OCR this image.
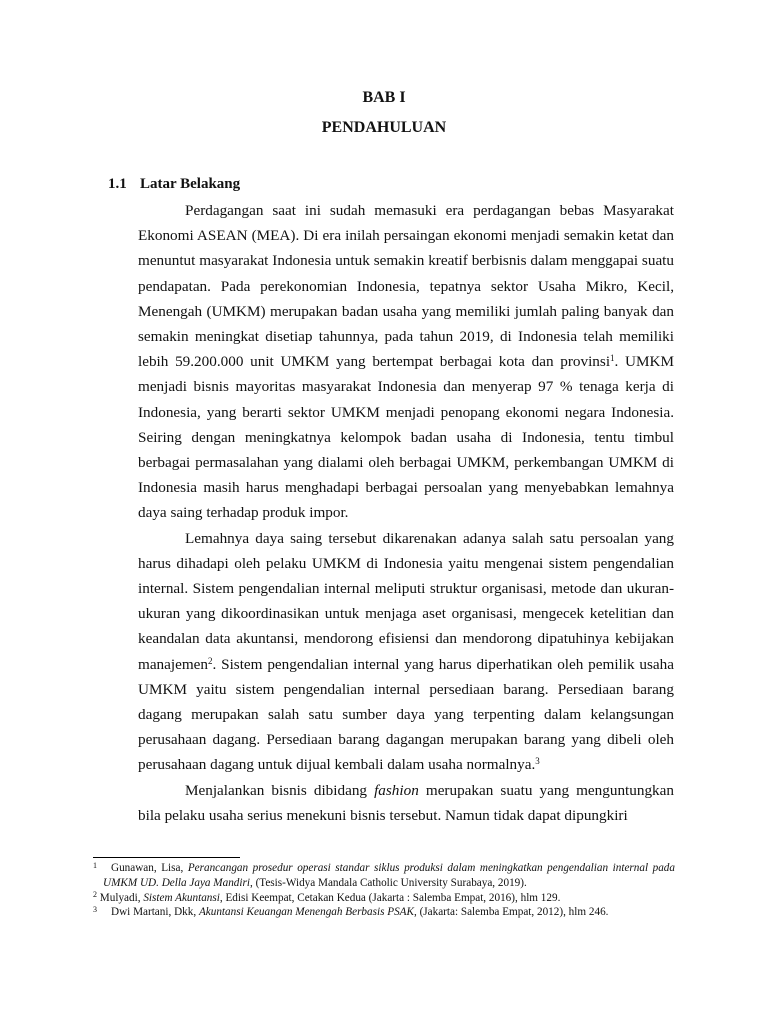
BAB I
PENDAHULUAN
1.1 Latar Belakang

Perdagangan saat ini sudah memasuki era perdagangan bebas Masyarakat Ekonomi ASEAN (MEA). Di era inilah persaingan ekonomi menjadi semakin ketat dan menuntut masyarakat Indonesia untuk semakin kreatif berbisnis dalam menggapai suatu pendapatan. Pada perekonomian Indonesia, tepatnya sektor Usaha Mikro, Kecil, Menengah (UMKM) merupakan badan usaha yang memiliki jumlah paling banyak dan semakin meningkat disetiap tahunnya, pada tahun 2019, di Indonesia telah memiliki lebih 59.200.000 unit UMKM yang bertempat berbagai kota dan provinsi$^1$. UMKM menjadi bisnis mayoritas masyarakat Indonesia dan menyerap 97 % tenaga kerja di Indonesia, yang berarti sektor UMKM menjadi penopang ekonomi negara Indonesia. Seiring dengan meningkatnya kelompok badan usaha di Indonesia, tentu timbul berbagai permasalahan yang dialami oleh berbagai UMKM, perkembangan UMKM di Indonesia masih harus menghadapi berbagai persoalan yang menyebabkan lemahnya daya saing terhadap produk impor.

Lemahnya daya saing tersebut dikarenakan adanya salah satu persoalan yang harus dihadapi oleh pelaku UMKM di Indonesia yaitu mengenai sistem pengendalian internal. Sistem pengendalian internal meliputi struktur organisasi, metode dan ukuran-ukuran yang dikoordinasikan untuk menjaga aset organisasi, mengecek ketelitian dan keandalan data akuntansi, mendorong efisiensi dan mendorong dipatuhinya kebijakan manajemen$^2$. Sistem pengendalian internal yang harus diperhatikan oleh pemilik usaha UMKM yaitu sistem pengendalian internal persediaan barang. Persediaan barang dagang merupakan salah satu sumber daya yang terpenting dalam kelangsungan perusahaan dagang. Persediaan barang dagangan merupakan barang yang dibeli oleh perusahaan dagang untuk dijual kembali dalam usaha normalnya.$^3$

Menjalankan bisnis dibidang fashion merupakan suatu yang menguntungkan bila pelaku usaha serius menekuni bisnis tersebut. Namun tidak dapat dipungkiri

1 Gunawan, Lisa, Perancangan prosedur operasi standar siklus produksi dalam meningkatkan pengendalian internal pada UMKM UD. Della Jaya Mandiri, (Tesis-Widya Mandala Catholic University Surabaya, 2019).
$^2$ Mulyadi, Sistem Akuntansi, Edisi Keempat, Cetakan Kedua (Jakarta : Salemba Empat, 2016), hlm 129.
3 Dwi Martani, Dkk, Akuntansi Keuangan Menengah Berbasis PSAK, (Jakarta: Salemba Empat, 2012), hlm 246.
